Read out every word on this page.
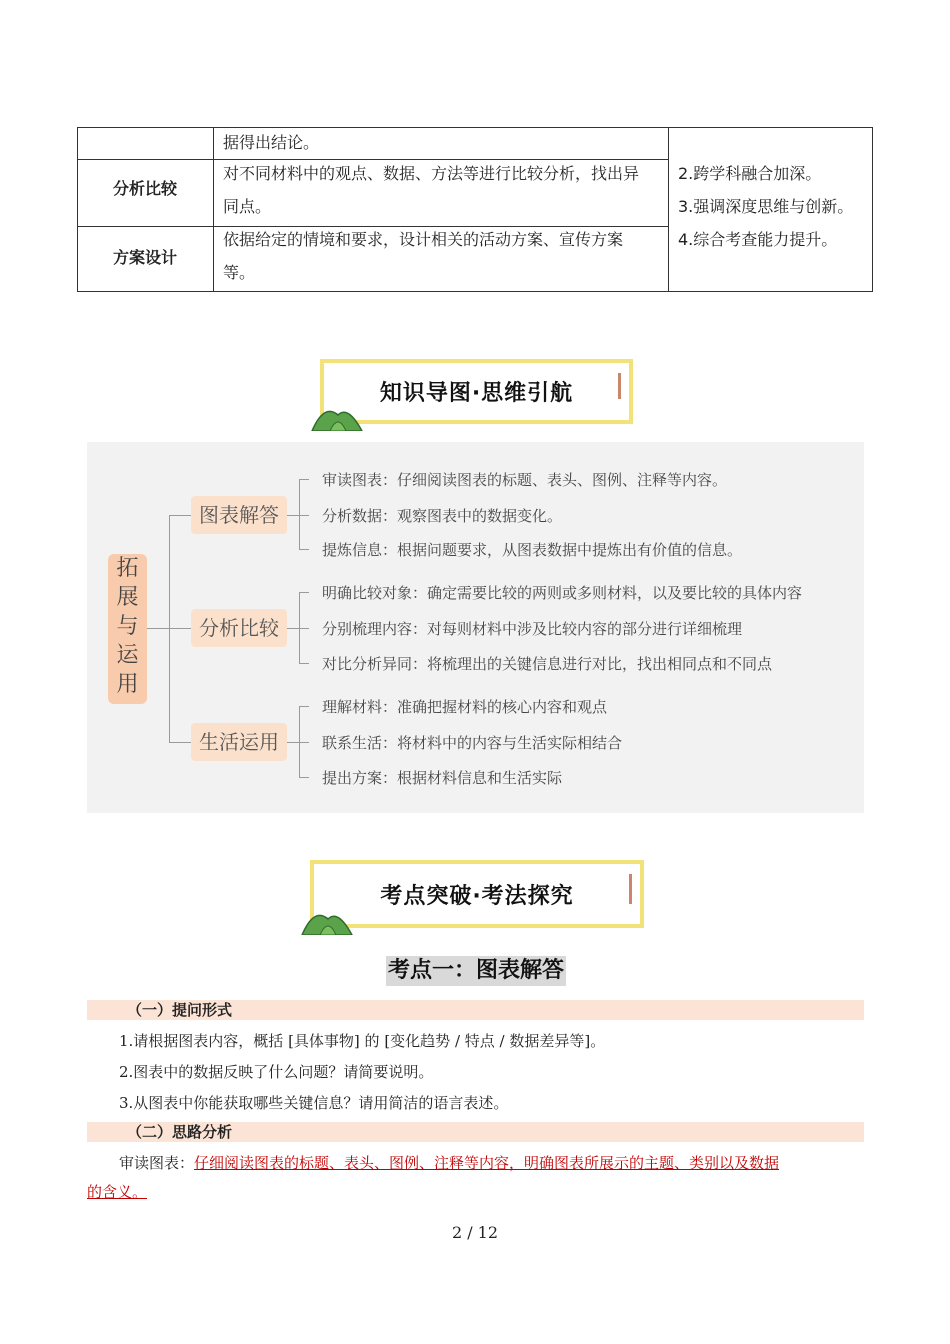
据得出结论。
分析比较
对不同材料中的观点、数据、方法等进行比较分析，找出异
同点。
方案设计
依据给定的情境和要求，设计相关的活动方案、宣传方案
等。
2.跨学科融合加深。
3.强调深度思维与创新。
4.综合考查能力提升。
知识导图·思维引航
拓
展
与
运
用
图表解答
审读图表：仔细阅读图表的标题、表头、图例、注释等内容。
分析数据：观察图表中的数据变化。
提炼信息：根据问题要求，从图表数据中提炼出有价值的信息。
分析比较
明确比较对象：确定需要比较的两则或多则材料，以及要比较的具体内容
分别梳理内容：对每则材料中涉及比较内容的部分进行详细梳理
对比分析异同：将梳理出的关键信息进行对比，找出相同点和不同点
生活运用
理解材料：准确把握材料的核心内容和观点
联系生活：将材料中的内容与生活实际相结合
提出方案：根据材料信息和生活实际
考点突破·考法探究
考点一：图表解答
（一）提问形式
1.请根据图表内容，概括 [具体事物] 的 [变化趋势 / 特点 / 数据差异等]。
2.图表中的数据反映了什么问题？请简要说明。
3.从图表中你能获取哪些关键信息？请用简洁的语言表述。
（二）思路分析
审读图表：仔细阅读图表的标题、表头、图例、注释等内容，明确图表所展示的主题、类别以及数据
的含义。
2 / 12
